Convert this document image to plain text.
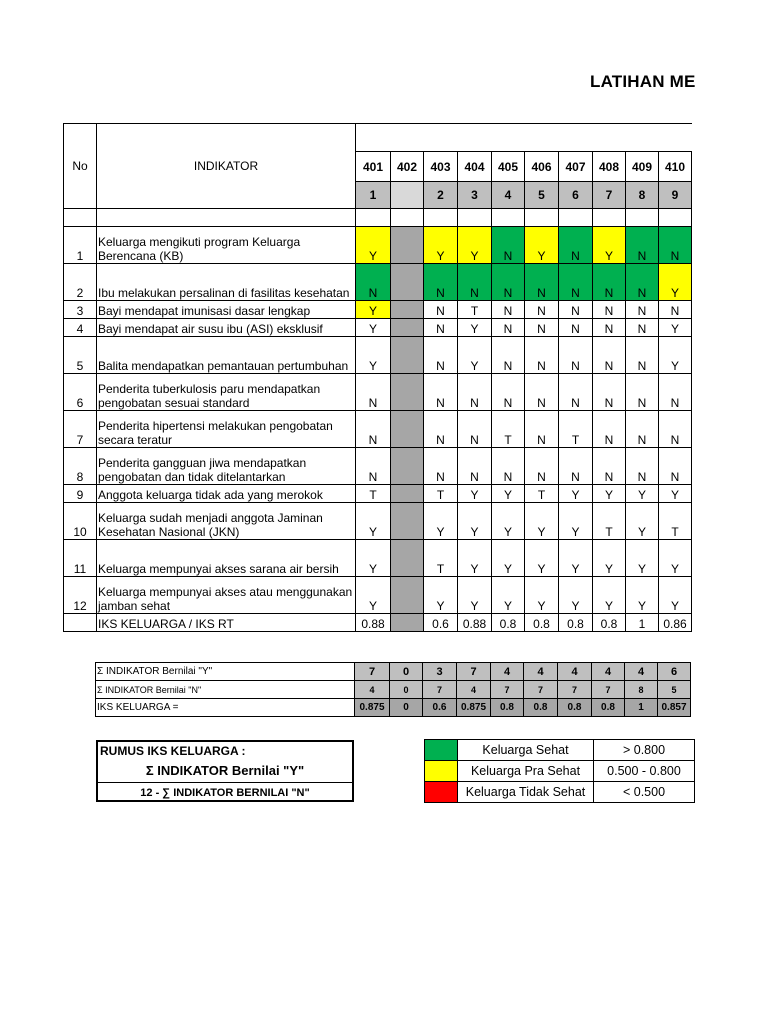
LATIHAN ME
No	INDIKATOR										
		401	402	403	404	405	406	407	408	409	410
		1		2	3	4	5	6	7	8	9

1	Keluarga mengikuti program Keluarga Berencana (KB)	Y		Y	Y	N	Y	N	Y	N	N
2	Ibu melakukan persalinan di fasilitas kesehatan	N		N	N	N	N	N	N	N	Y
3	Bayi mendapat imunisasi dasar lengkap	Y		N	T	N	N	N	N	N	N
4	Bayi mendapat air susu ibu (ASI) eksklusif	Y		N	Y	N	N	N	N	N	Y
5	Balita mendapatkan pemantauan pertumbuhan	Y		N	Y	N	N	N	N	N	Y
6	Penderita tuberkulosis paru mendapatkan pengobatan sesuai standard	N		N	N	N	N	N	N	N	N
7	Penderita hipertensi melakukan pengobatan secara teratur	N		N	N	T	N	T	N	N	N
8	Penderita gangguan jiwa mendapatkan pengobatan dan tidak ditelantarkan	N		N	N	N	N	N	N	N	N
9	Anggota keluarga tidak ada yang merokok	T		T	Y	Y	T	Y	Y	Y	Y
10	Keluarga sudah menjadi anggota Jaminan Kesehatan Nasional (JKN)	Y		Y	Y	Y	Y	Y	T	Y	T
11	Keluarga mempunyai akses sarana air bersih	Y		T	Y	Y	Y	Y	Y	Y	Y
12	Keluarga mempunyai akses atau menggunakan jamban sehat	Y		Y	Y	Y	Y	Y	Y	Y	Y
	IKS KELUARGA / IKS RT	0.88		0.6	0.88	0.8	0.8	0.8	0.8	1	0.86
Σ INDIKATOR Bernilai "Y"	7	0	3	7	4	4	4	4	4	6
Σ INDIKATOR Bernilai "N"	4	0	7	4	7	7	7	7	8	5
IKS KELUARGA =	0.875	0	0.6	0.875	0.8	0.8	0.8	0.8	1	0.857
RUMUS IKS KELUARGA :
Σ INDIKATOR Bernilai "Y"
12 - ∑ INDIKATOR BERNILAI "N"
	Keluarga Sehat	> 0.800
	Keluarga Pra Sehat	0.500 - 0.800
	Keluarga Tidak Sehat	< 0.500
